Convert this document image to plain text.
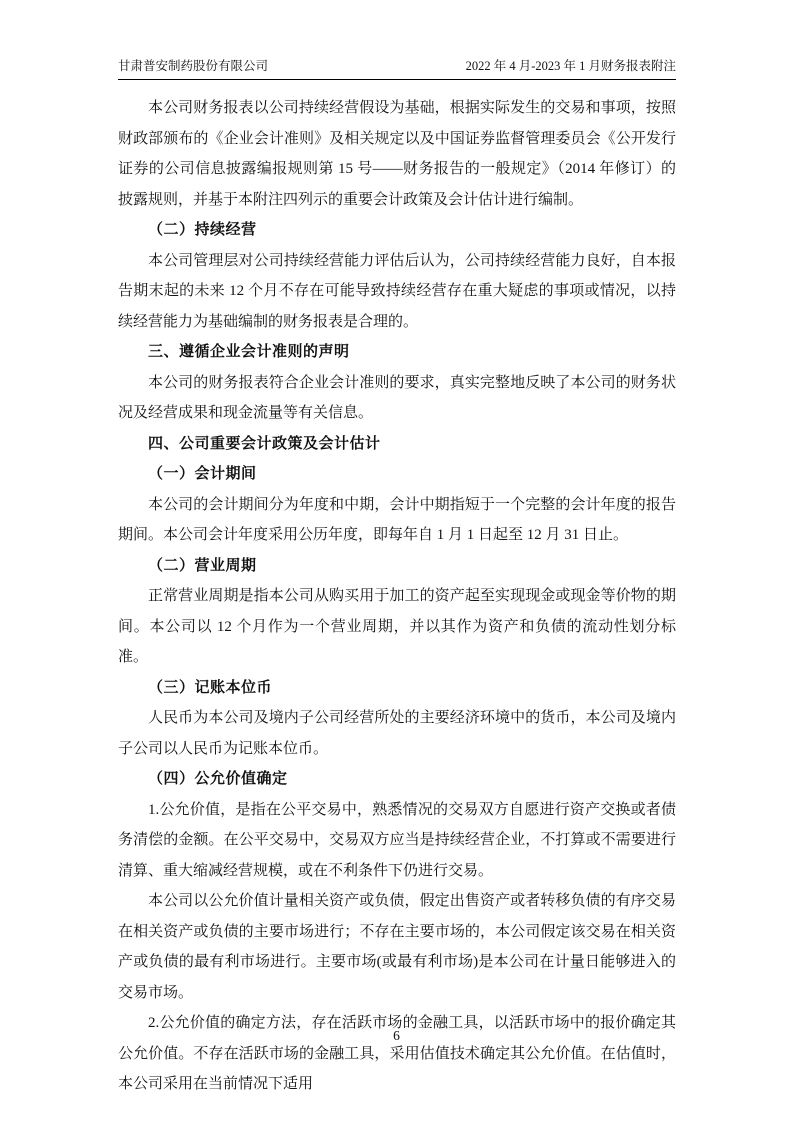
甘肃普安制药股份有限公司	2022 年 4 月-2023 年 1 月财务报表附注

本公司财务报表以公司持续经营假设为基础，根据实际发生的交易和事项，按照财政部颁布的《企业会计准则》及相关规定以及中国证券监督管理委员会《公开发行证券的公司信息披露编报规则第 15 号——财务报告的一般规定》（2014 年修订）的披露规则，并基于本附注四列示的重要会计政策及会计估计进行编制。

（二）持续经营

本公司管理层对公司持续经营能力评估后认为，公司持续经营能力良好，自本报告期末起的未来 12 个月不存在可能导致持续经营存在重大疑虑的事项或情况，以持续经营能力为基础编制的财务报表是合理的。

三、遵循企业会计准则的声明

本公司的财务报表符合企业会计准则的要求，真实完整地反映了本公司的财务状况及经营成果和现金流量等有关信息。

四、公司重要会计政策及会计估计
（一）会计期间

本公司的会计期间分为年度和中期，会计中期指短于一个完整的会计年度的报告期间。本公司会计年度采用公历年度，即每年自 1 月 1 日起至 12 月 31 日止。

（二）营业周期

正常营业周期是指本公司从购买用于加工的资产起至实现现金或现金等价物的期间。本公司以 12 个月作为一个营业周期，并以其作为资产和负债的流动性划分标准。

（三）记账本位币

人民币为本公司及境内子公司经营所处的主要经济环境中的货币，本公司及境内子公司以人民币为记账本位币。

（四）公允价值确定

1.公允价值，是指在公平交易中，熟悉情况的交易双方自愿进行资产交换或者债务清偿的金额。在公平交易中，交易双方应当是持续经营企业，不打算或不需要进行清算、重大缩减经营规模，或在不利条件下仍进行交易。

本公司以公允价值计量相关资产或负债，假定出售资产或者转移负债的有序交易在相关资产或负债的主要市场进行；不存在主要市场的，本公司假定该交易在相关资产或负债的最有利市场进行。主要市场(或最有利市场)是本公司在计量日能够进入的交易市场。

2.公允价值的确定方法，存在活跃市场的金融工具，以活跃市场中的报价确定其公允价值。不存在活跃市场的金融工具，采用估值技术确定其公允价值。在估值时，本公司采用在当前情况下适用

6
